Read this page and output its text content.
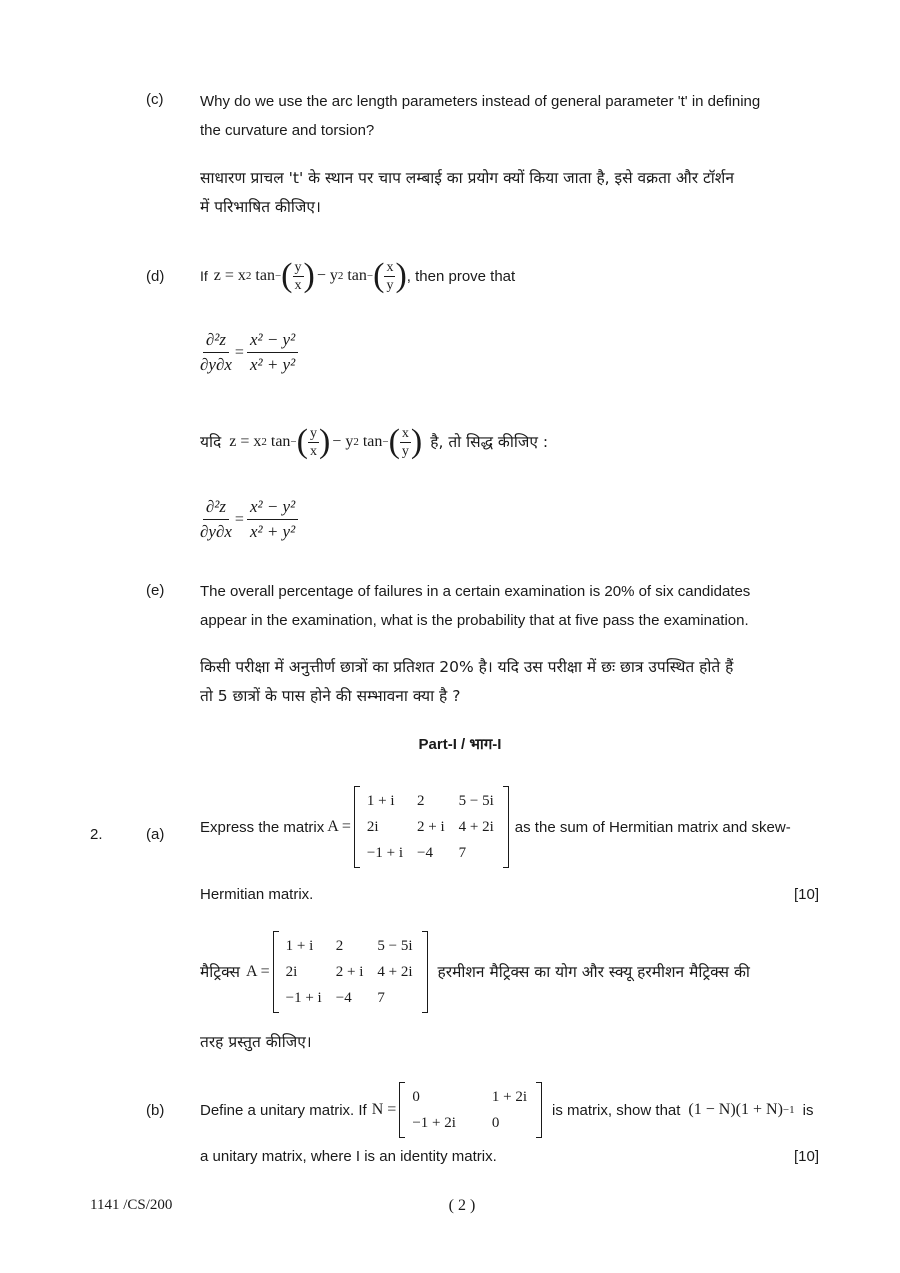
(c) Why do we use the arc length parameters instead of general parameter 't' in defining
the curvature and torsion?
साधारण प्राचल 't' के स्थान पर चाप लम्बाई का प्रयोग क्यों किया जाता है, इसे वक्रता और टॉर्शन
में परिभाषित कीजिए।
(d)	If z = x 2 tan − ( y
x ) − y 2 tan − ( x
y ) , then prove that
$\frac{\text{∂²z}}{\partial y\partial x} = \frac{\text{x² − y²}}{\text{x² + y²}}$
यदि z = x 2 tan − ( y
x ) − y 2 tan − ( x
y ) है, तो सिद्ध कीजिए :
$\frac{\text{∂²z}}{\partial y\partial x} = \frac{\text{x² − y²}}{\text{x² + y²}}$
(e) The overall percentage of failures in a certain examination is 20% of six candidates
appear in the examination, what is the probability that at five pass the examination.
किसी परीक्षा में अनुत्तीर्ण छात्रों का प्रतिशत 20% है। यदि उस परीक्षा में छः छात्र उपस्थित होते हैं
तो 5 छात्रों के पास होने की सम्भावना क्या है ?
Part-I / भाग-I
2.	(a) Express the matrix A =
1 + i	2	5 − 5i
2i	2 + i	4 + 2i
−1 + i	−4	7
as the sum of Hermitian matrix and skew-
Hermitian matrix.	[10]
मैट्रिक्स A =
1 + i	2	5 − 5i
2i	2 + i	4 + 2i
−1 + i	−4	7
हरमीशन मैट्रिक्स का योग और स्क्यू हरमीशन मैट्रिक्स की
तरह प्रस्तुत कीजिए।
(b) Define a unitary matrix. If N =
0	1 + 2i
−1 + 2i	0
is matrix, show that (1 − N)(1 + N) −1 is
a unitary matrix, where I is an identity matrix.	[10]
1141 /CS/200	( 2 )
